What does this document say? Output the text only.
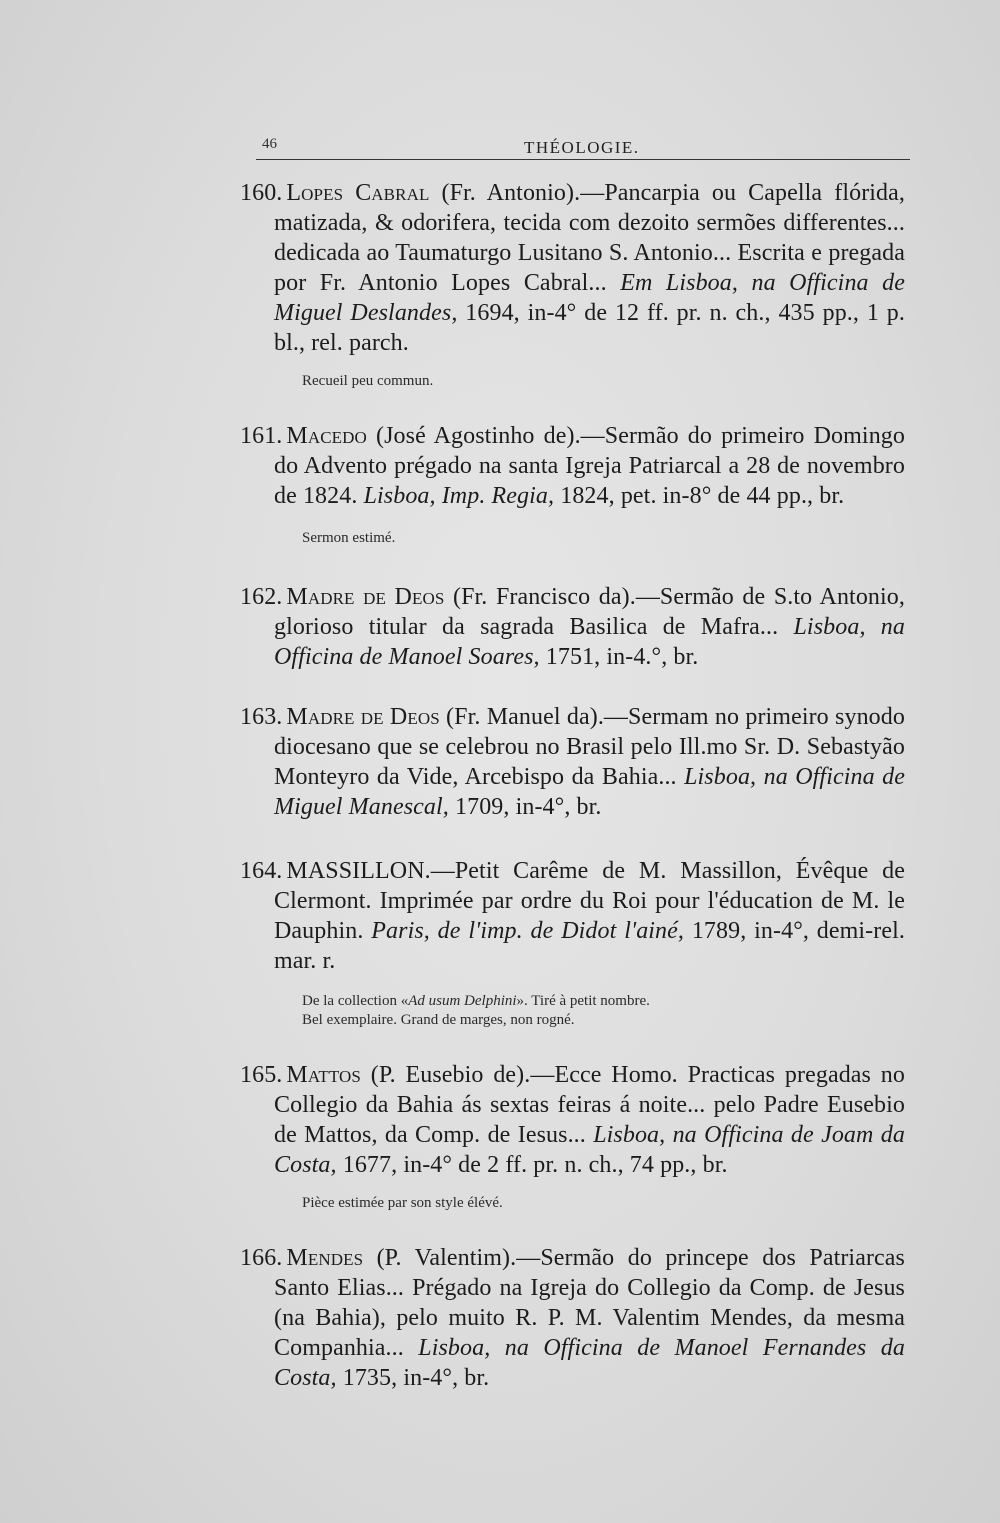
46	THÉOLOGIE.

160. Lopes Cabral (Fr. Antonio).—Pancarpia ou Capella flórida, matizada, & odorifera, tecida com dezoito sermões differentes... dedicada ao Taumaturgo Lusitano S. Antonio... Escrita e pregada por Fr. Antonio Lopes Cabral... Em Lisboa, na Officina de Miguel Deslandes, 1694, in-4° de 12 ff. pr. n. ch., 435 pp., 1 p. bl., rel. parch.

Recueil peu commun.

161. Macedo (José Agostinho de).—Sermão do primeiro Domingo do Advento prégado na santa Igreja Patriarcal a 28 de novembro de 1824. Lisboa, Imp. Regia, 1824, pet. in-8° de 44 pp., br.

Sermon estimé.

162. Madre de Deos (Fr. Francisco da).—Sermão de S.to Antonio, glorioso titular da sagrada Basilica de Mafra... Lisboa, na Officina de Manoel Soares, 1751, in-4.°, br.

163. Madre de Deos (Fr. Manuel da).—Sermam no primeiro synodo diocesano que se celebrou no Brasil pelo Ill.mo Sr. D. Sebastyão Monteyro da Vide, Arcebispo da Bahia... Lisboa, na Officina de Miguel Manescal, 1709, in-4°, br.

164. MASSILLON.—Petit Carême de M. Massillon, Évêque de Clermont. Imprimée par ordre du Roi pour l'éducation de M. le Dauphin. Paris, de l'imp. de Didot l'ainé, 1789, in-4°, demi-rel. mar. r.

De la collection «Ad usum Delphini». Tiré à petit nombre.

Bel exemplaire. Grand de marges, non rogné.

165. Mattos (P. Eusebio de).—Ecce Homo. Practicas pregadas no Collegio da Bahia ás sextas feiras á noite... pelo Padre Eusebio de Mattos, da Comp. de Iesus... Lisboa, na Officina de Joam da Costa, 1677, in-4° de 2 ff. pr. n. ch., 74 pp., br.

Pièce estimée par son style élévé.

166. Mendes (P. Valentim).—Sermão do princepe dos Patriarcas Santo Elias... Prégado na Igreja do Collegio da Comp. de Jesus (na Bahia), pelo muito R. P. M. Valentim Mendes, da mesma Companhia... Lisboa, na Officina de Manoel Fernandes da Costa, 1735, in-4°, br.
